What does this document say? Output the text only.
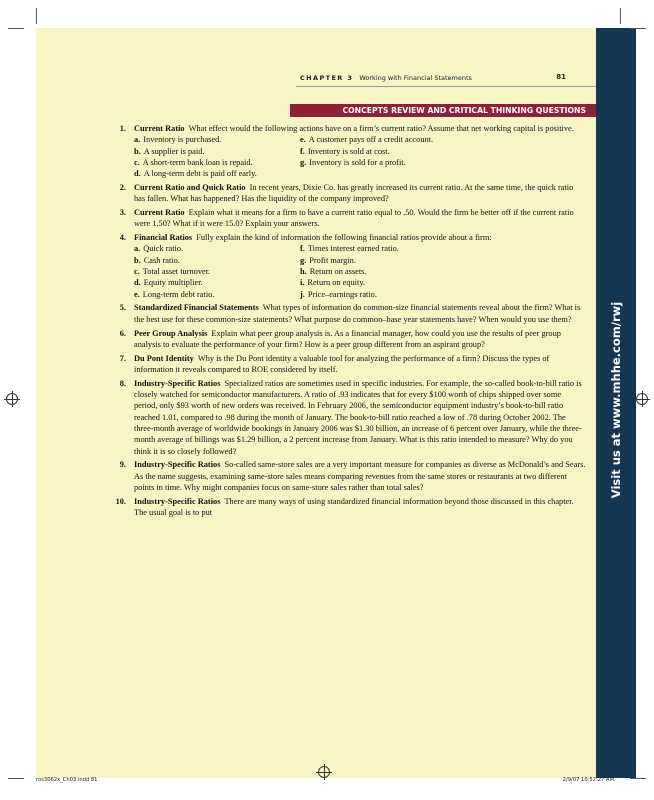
Visit us at www.mhhe.com/rwj
CHAPTER 3 Working with Financial Statements	81
CONCEPTS REVIEW AND CRITICAL THINKING QUESTIONS
1. Current Ratio What effect would the following actions have on a firm’s current ratio? Assume that net working capital is positive.
a. Inventory is purchased.	e. A customer pays off a credit account.
b. A supplier is paid.	f. Inventory is sold at cost.
c. A short-term bank loan is repaid.	g. Inventory is sold for a profit.
d. A long-term debt is paid off early.
2. Current Ratio and Quick Ratio In recent years, Dixie Co. has greatly increased its current ratio. At the same time, the quick ratio has fallen. What has happened? Has the liquidity of the company improved?
3. Current Ratio Explain what it means for a firm to have a current ratio equal to .50. Would the firm be better off if the current ratio were 1.50? What if it were 15.0? Explain your answers.
4. Financial Ratios Fully explain the kind of information the following financial ratios provide about a firm:
a. Quick ratio.	f. Times interest earned ratio.
b. Cash ratio.	g. Profit margin.
c. Total asset turnover.	h. Return on assets.
d. Equity multiplier.	i. Return on equity.
e. Long-term debt ratio.	j. Price–earnings ratio.
5. Standardized Financial Statements What types of information do common-size financial statements reveal about the firm? What is the best use for these common-size statements? What purpose do common–base year statements have? When would you use them?
6. Peer Group Analysis Explain what peer group analysis is. As a financial manager, how could you use the results of peer group analysis to evaluate the performance of your firm? How is a peer group different from an aspirant group?
7. Du Pont Identity Why is the Du Pont identity a valuable tool for analyzing the performance of a firm? Discuss the types of information it reveals compared to ROE considered by itself.
8. Industry-Specific Ratios Specialized ratios are sometimes used in specific industries. For example, the so-called book-to-bill ratio is closely watched for semiconductor manufacturers. A ratio of .93 indicates that for every $100 worth of chips shipped over some period, only $93 worth of new orders was received. In February 2006, the semiconductor equipment industry’s book-to-bill ratio reached 1.01, compared to .98 during the month of January. The book-to-bill ratio reached a low of .78 during October 2002. The three-month average of worldwide bookings in January 2006 was $1.30 billion, an increase of 6 percent over January, while the three-month average of billings was $1.29 billion, a 2 percent increase from January. What is this ratio intended to measure? Why do you think it is so closely followed?
9. Industry-Specific Ratios So-called same-store sales are a very important measure for companies as diverse as McDonald’s and Sears. As the name suggests, examining same-store sales means comparing revenues from the same stores or restaurants at two different points in time. Why might companies focus on same-store sales rather than total sales?
10. Industry-Specific Ratios There are many ways of using standardized financial information beyond those discussed in this chapter. The usual goal is to put
ros3062x_Ch03.indd 81	2/9/07 10:52:27 AM
